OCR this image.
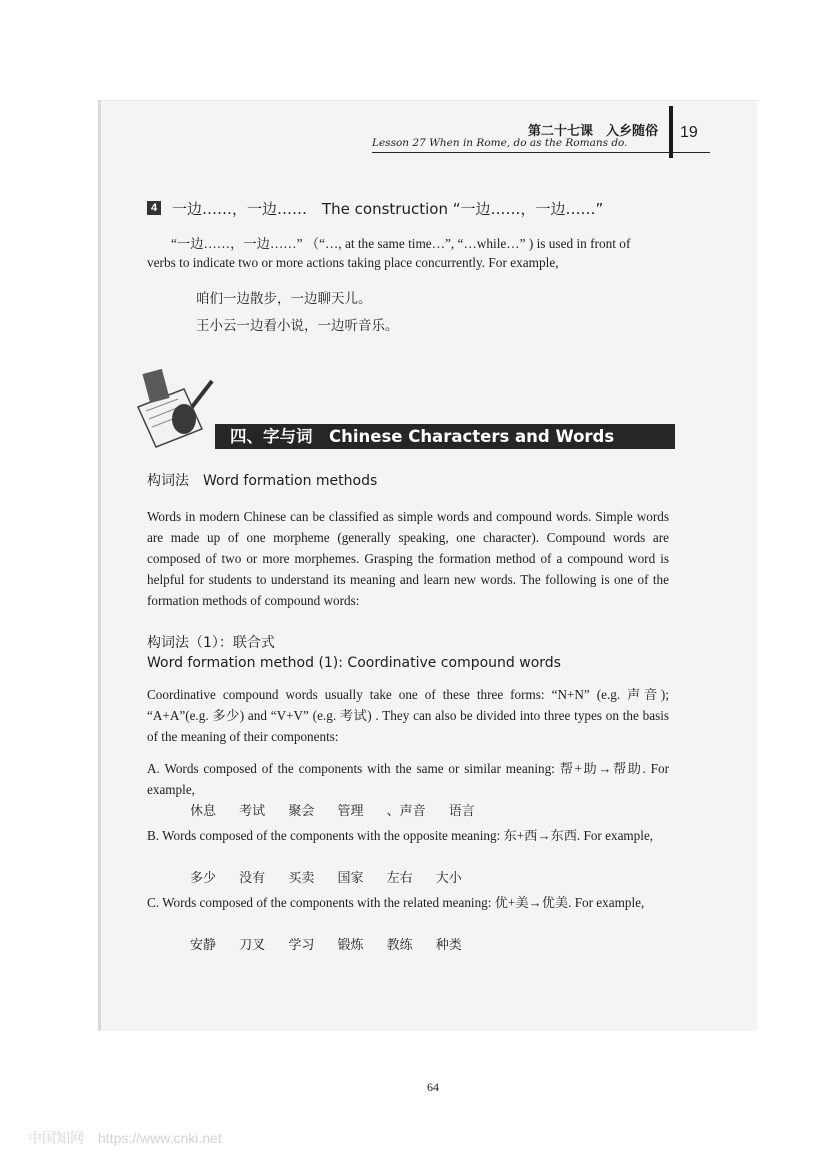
第二十七课　入乡随俗
Lesson 27 When in Rome, do as the Romans do.
19
4 一边……，一边……　The construction “一边……，一边……”
“一边……，一边……” （“…, at the same time…”, “…while…” ) is used in front of
verbs to indicate two or more actions taking place concurrently. For example,
咱们一边散步，一边聊天儿。
王小云一边看小说，一边听音乐。
四、字与词　Chinese Characters and Words
构词法　Word formation methods
Words in modern Chinese can be classified as simple words and compound words. Simple words are made up of one morpheme (generally speaking, one character). Compound words are composed of two or more morphemes. Grasping the formation method of a compound word is helpful for students to understand its meaning and learn new words. The following is one of the formation methods of compound words:
构词法（1）：联合式
Word formation method (1): Coordinative compound words
Coordinative compound words usually take one of these three forms: “N+N” (e.g. 声音); “A+A”(e.g. 多少) and “V+V” (e.g. 考试) . They can also be divided into three types on the basis of the meaning of their components:
A. Words composed of the components with the same or similar meaning: 帮+助→帮助. For example,
休息 考试 聚会 管理 、声音 语言
B. Words composed of the components with the opposite meaning: 东+西→东西. For example,
多少 没有 买卖 国家 左右 大小
C. Words composed of the components with the related meaning: 优+美→优美. For example,
安静 刀叉 学习 锻炼 教练 种类
64
中国知网　https://www.cnki.net
